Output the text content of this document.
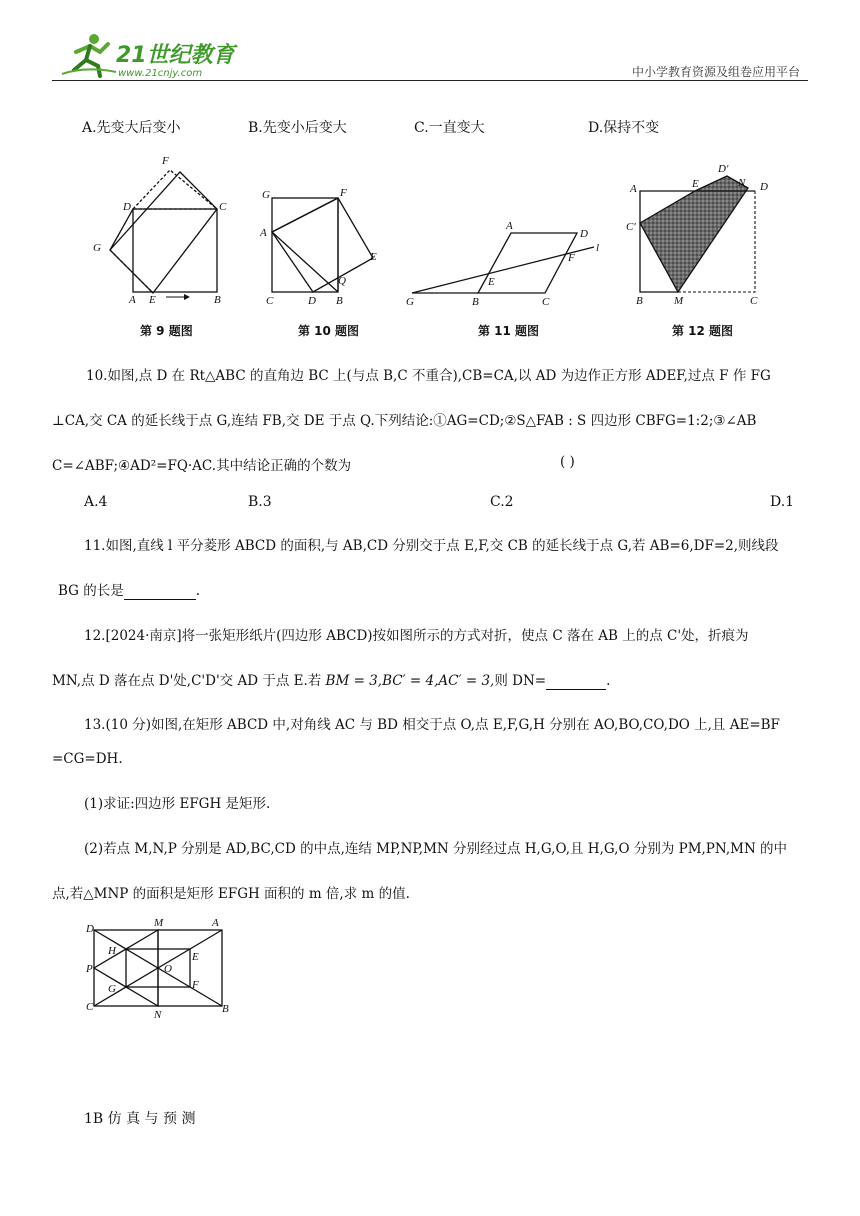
21世纪教育
www.21cnjy.com	中小学教育资源及组卷应用平台
A.先变大后变小	B.先变小后变大	C.一直变大	D.保持不变
F
D	C
G
A E	B
第 9 题图
G	F
A
E
Q
C	D B
第 10 题图
G	B	C
A
D
l
E
F
第 11 题图
A	E
D′
N D
C′
B	M	C
第 12 题图
10.如图,点 D 在 Rt△ABC 的直角边 BC 上(与点 B,C 不重合),CB=CA,以 AD 为边作正方形 ADEF,过点 F 作 FG
⊥CA,交 CA 的延长线于点 G,连结 FB,交 DE 于点 Q.下列结论:①AG=CD;②S△FAB : S 四边形 CBFG=1:2;③∠AB
C=∠ABF;④AD²=FQ·AC.其中结论正确的个数为	( )
A.4	B.3	C.2	D.1
11.如图,直线 l 平分菱形 ABCD 的面积,与 AB,CD 分别交于点 E,F,交 CB 的延长线于点 G,若 AB=6,DF=2,则线段
BG 的长是	.
12.[2024·南京]将一张矩形纸片(四边形 ABCD)按如图所示的方式对折，使点 C 落在 AB 上的点 C'处，折痕为
MN,点 D 落在点 D'处,C'D'交 AD 于点 E.若 BM = 3,BC′ = 4,AC′ = 3,则 DN=	.
13.(10 分)如图,在矩形 ABCD 中,对角线 AC 与 BD 相交于点 O,点 E,F,G,H 分别在 AO,BO,CO,DO 上,且 AE=BF
=CG=DH.
(1)求证:四边形 EFGH 是矩形.
(2)若点 M,N,P 分别是 AD,BC,CD 的中点,连结 MP,NP,MN 分别经过点 H,G,O,且 H,G,O 分别为 PM,PN,MN 的中
点,若△MNP 的面积是矩形 EFGH 面积的 m 倍,求 m 的值.
D	M	A
H
P	O
E
F
G
C
N	B
1B 仿 真 与 预 测
